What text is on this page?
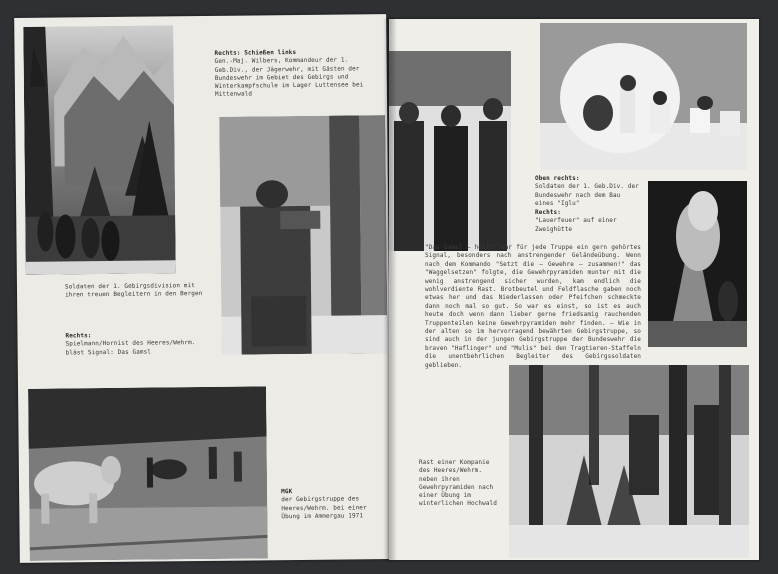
Rechts: Schießen links
Gen.-Maj. Wilbers, Kommandeur der 1. Geb.Div., der Jägerwehr, mit Gästen der Bundeswehr im Gebiet des Gebirgs und Winterkampfschule im Lager Luttensee bei Mittenwald
Soldaten der 1. Gebirgsdivision mit ihren treuen Begleitern in den Bergen
Rechts:
Spielmann/Hornist des Heeres/Wehrm. bläst Signal: Das Gamsl
MGK
der Gebirgstruppe des Heeres/Wehrm. bei einer Übung im Ammergau 1971
Oben rechts:
Soldaten der 1. Geb.Div. der Bundeswehr nach dem Bau eines "Iglu"
Rechts:
"Lauerfeuer" auf einer Zweighütte
"Das Gamsl — hell!" war für jede Truppe ein gern gehörtes Signal, besonders nach anstrengender Geländeübung. Wenn nach dem Kommando "Setzt die — Gewehre — zusammen!" das "Waggelsetzen" folgte, die Gewehrpyramiden munter mit die wenig anstrengend sicher wurden, kam endlich die wohlverdiente Rast. Brotbeutel und Feldflasche gaben noch etwas her und das Niederlassen oder Pfeifchen schmeckte dann noch mal so gut. So war es einst, so ist es auch heute doch wenn dann lieber gerne friedsamig rauchenden Truppenteilen keine Gewehrpyramiden mehr finden. — Wie in der alten so im hervorragend bewährten Gebirgstruppe, so sind auch in der jungen Gebirgstruppe der Bundeswehr die braven "Haflinger" und "Mulis" bei den Tragtieren-Staffeln die unentbehrlichen Begleiter des Gebirgssoldaten geblieben.
Rast einer Kompanie des Heeres/Wehrm. neben ihren Gewehrpyramiden nach einer Übung im winterlichen Hochwald
